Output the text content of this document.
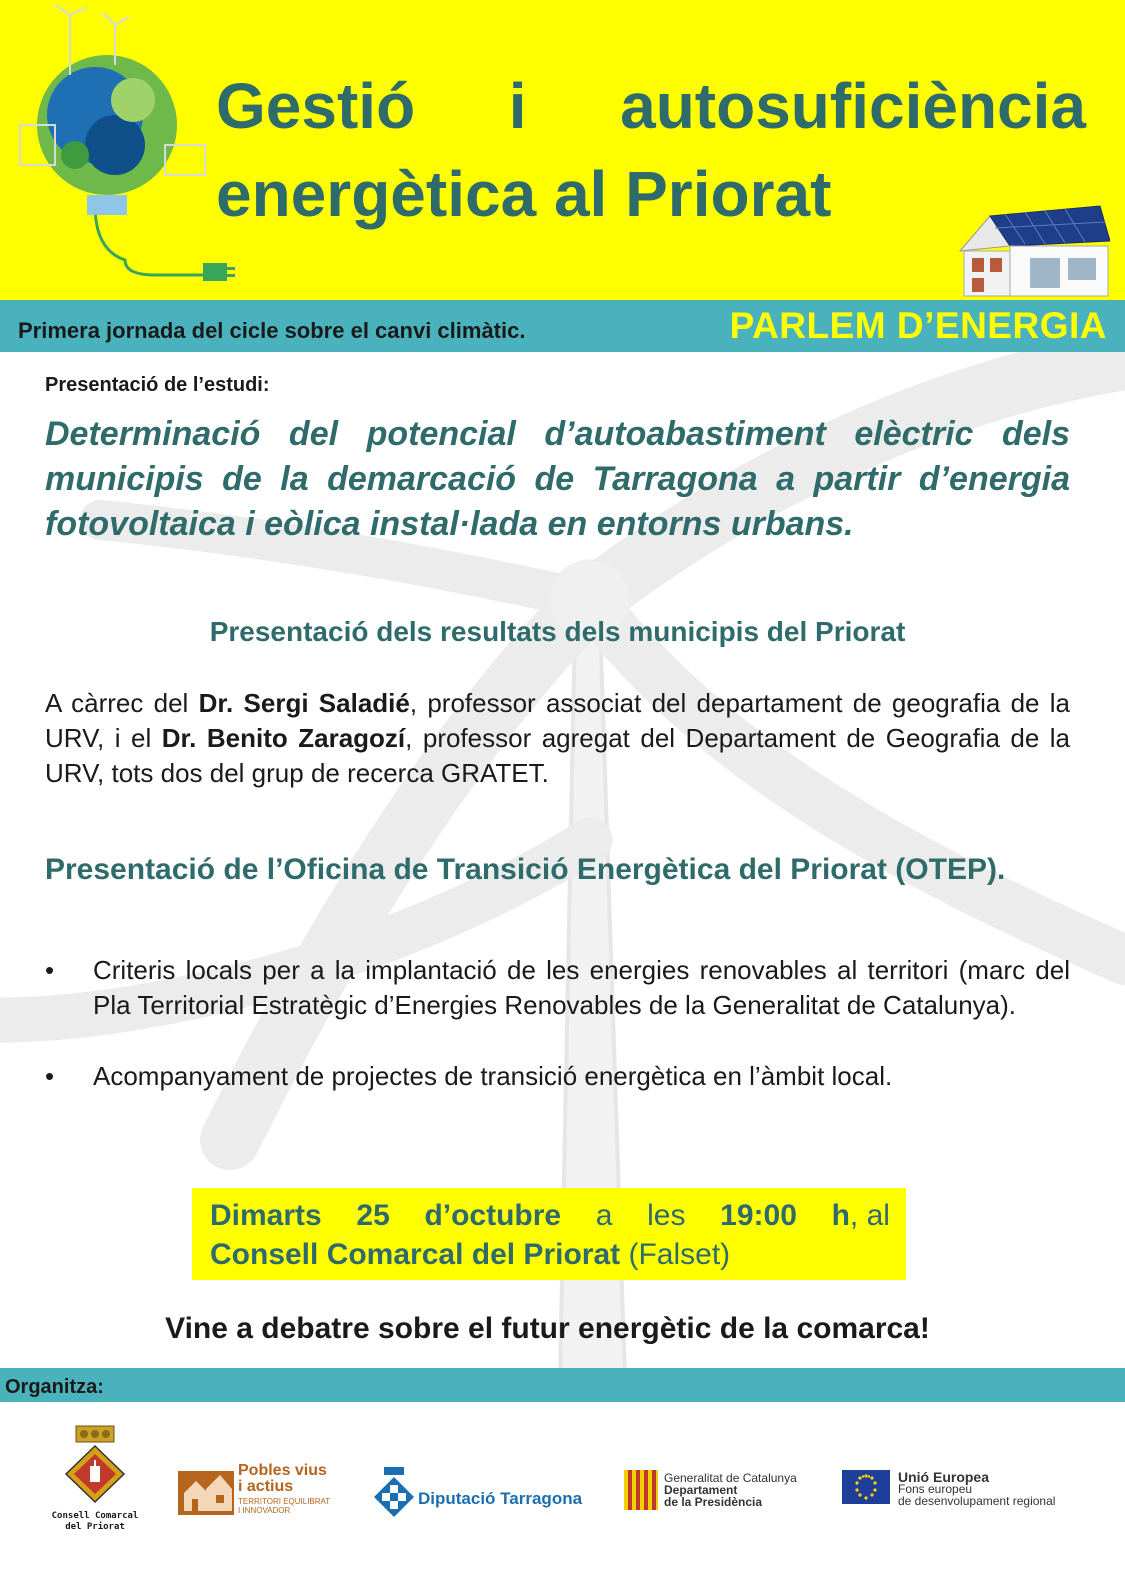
Gestió i autosuficiència
energètica al Priorat
Primera jornada del cicle sobre el canvi climàtic.	PARLEM D’ENERGIA
Presentació de l’estudi:
Determinació del potencial d’autoabastiment elèctric dels municipis de la demarcació de Tarragona a partir d’energia fotovoltaica i eòlica instal·lada en entorns urbans.
Presentació dels resultats dels municipis del Priorat
A càrrec del Dr. Sergi Saladié, professor associat del departament de geografia de la URV, i el Dr. Benito Zaragozí, professor agregat del Departament de Geografia de la URV, tots dos del grup de recerca GRATET.
Presentació de l’Oficina de Transició Energètica del Priorat (OTEP).
• Criteris locals per a la implantació de les energies renovables al territori (marc del Pla Territorial Estratègic d’Energies Renovables de la Generalitat de Catalunya).
• Acompanyament de projectes de transició energètica en l’àmbit local.
Dimarts 25 d’octubre a les 19:00 h, al
Consell Comarcal del Priorat (Falset)
Vine a debatre sobre el futur energètic de la comarca!
Organitza:
Consell Comarcal
del Priorat
Pobles vius
i actius
TERRITORI EQUILIBRAT
I INNOVADOR
Diputació Tarragona
Generalitat de Catalunya
Departament
de la Presidència
Unió Europea
Fons europeu
de desenvolupament regional
